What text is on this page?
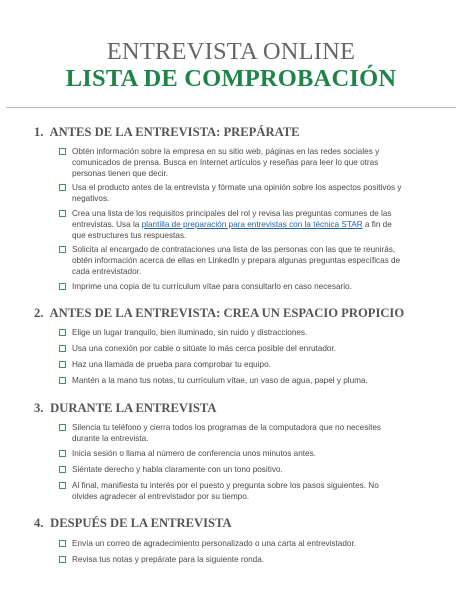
ENTREVISTA ONLINE
LISTA DE COMPROBACIÓN
1. ANTES DE LA ENTREVISTA: PREPÁRATE
Obtén información sobre la empresa en su sitio web, páginas en las redes sociales y comunicados de prensa. Busca en Internet artículos y reseñas para leer lo que otras personas tienen que decir.
Usa el producto antes de la entrevista y fórmate una opinión sobre los aspectos positivos y negativos.
Crea una lista de los requisitos principales del rol y revisa las preguntas comunes de las entrevistas. Usa la plantilla de preparación para entrevistas con la técnica STAR a fin de que estructures tus respuestas.
Solicita al encargado de contrataciones una lista de las personas con las que te reunirás, obtén información acerca de ellas en LinkedIn y prepara algunas preguntas específicas de cada entrevistador.
Imprime una copia de tu currículum vítae para consultarlo en caso necesario.
2. ANTES DE LA ENTREVISTA: CREA UN ESPACIO PROPICIO
Elige un lugar tranquilo, bien iluminado, sin ruido y distracciones.
Usa una conexión por cable o sitúate lo más cerca posible del enrutador.
Haz una llamada de prueba para comprobar tu equipo.
Mantén a la mano tus notas, tu currículum vítae, un vaso de agua, papel y pluma.
3. DURANTE LA ENTREVISTA
Silencia tu teléfono y cierra todos los programas de la computadora que no necesites durante la entrevista.
Inicia sesión o llama al número de conferencia unos minutos antes.
Siéntate derecho y habla claramente con un tono positivo.
Al final, manifiesta tu interés por el puesto y pregunta sobre los pasos siguientes. No olvides agradecer al entrevistador por su tiempo.
4. DESPUÉS DE LA ENTREVISTA
Envía un correo de agradecimiento personalizado o una carta al entrevistador.
Revisa tus notas y prepárate para la siguiente ronda.
